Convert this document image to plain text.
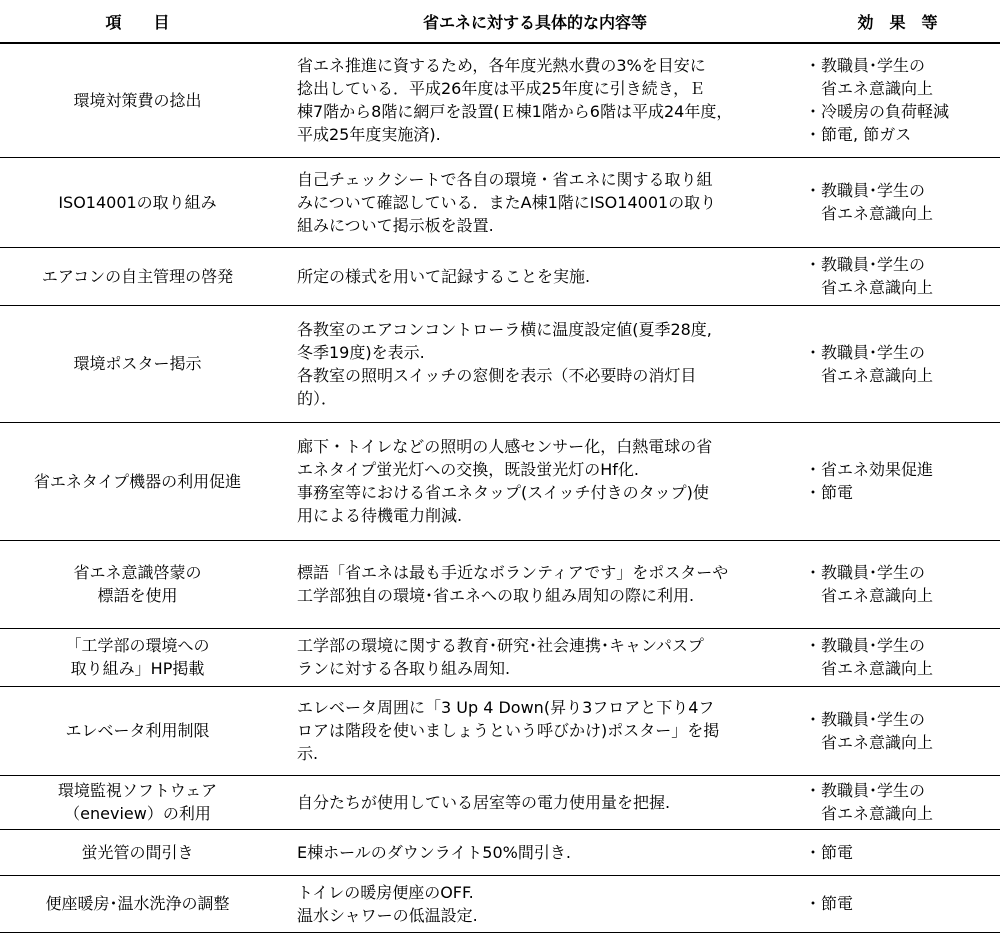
項　　目	省エネに対する具体的な内容等	効　果　等

環境対策費の捻出	省エネ推進に資するため，各年度光熱水費の3%を目安に
捻出している．平成26年度は平成25年度に引き続き，Ｅ
棟7階から8階に網戸を設置(Ｅ棟1階から6階は平成24年度，
平成25年度実施済).	・ 教職員･学生の
省エネ意識向上
・ 冷暖房の負荷軽減
・ 節電, 節ガス

ISO14001の取り組み	自己チェックシートで各自の環境・省エネに関する取り組
みについて確認している．またA棟1階にISO14001の取り
組みについて掲示板を設置.	・ 教職員･学生の
省エネ意識向上

エアコンの自主管理の啓発	所定の様式を用いて記録することを実施.	・ 教職員･学生の
省エネ意識向上

環境ポスター掲示	各教室のエアコンコントローラ横に温度設定値(夏季28度,
冬季19度)を表示.
各教室の照明スイッチの窓側を表示（不必要時の消灯目
的）．	・ 教職員･学生の
省エネ意識向上

省エネタイプ機器の利用促進	廊下・トイレなどの照明の人感センサー化，白熱電球の省
エネタイプ蛍光灯への交換，既設蛍光灯のHf化.
事務室等における省エネタップ(スイッチ付きのタップ)使
用による待機電力削減.	・ 省エネ効果促進
・ 節電

省エネ意識啓蒙の
標語を使用	標語「省エネは最も手近なボランティアです」をポスターや
工学部独自の環境･省エネへの取り組み周知の際に利用.	・ 教職員･学生の
省エネ意識向上

「工学部の環境への
取り組み」HP掲載	工学部の環境に関する教育･研究･社会連携･キャンパスプ
ランに対する各取り組み周知.	・ 教職員･学生の
省エネ意識向上

エレベータ利用制限	エレベータ周囲に「3 Up 4 Down(昇り3フロアと下り4フ
ロアは階段を使いましょうという呼びかけ)ポスター」を掲
示.	・ 教職員･学生の
省エネ意識向上

環境監視ソフトウェア
（eneview）の利用	自分たちが使用している居室等の電力使用量を把握.	・ 教職員･学生の
省エネ意識向上

蛍光管の間引き	E棟ホールのダウンライト50%間引き.	・ 節電

便座暖房･温水洗浄の調整	トイレの暖房便座のOFF.
温水シャワーの低温設定.	・ 節電
